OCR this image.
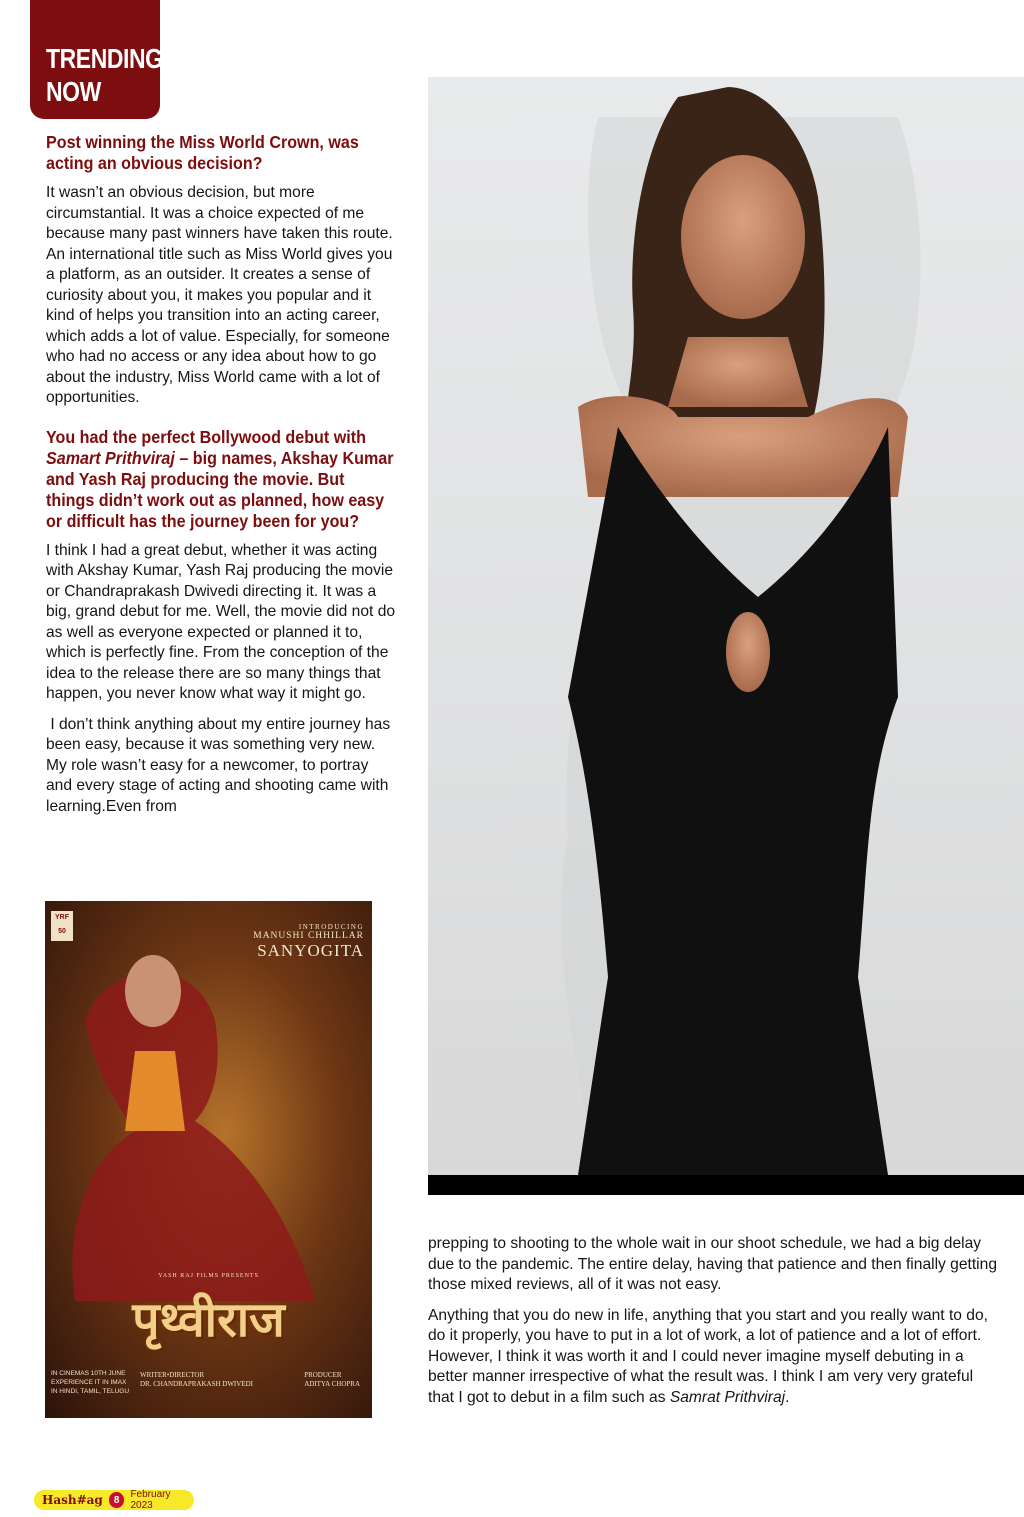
TRENDING
NOW
Post winning the Miss World Crown, was acting an obvious decision?
It wasn’t an obvious decision, but more circumstantial. It was a choice expected of me because many past winners have taken this route. An international title such as Miss World gives you a platform, as an outsider. It creates a sense of curiosity about you, it makes you popular and it kind of helps you transition into an acting career, which adds a lot of value. Especially, for someone who had no access or any idea about how to go about the industry, Miss World came with a lot of opportunities.
You had the perfect Bollywood debut with Samart Prithviraj – big names, Akshay Kumar and Yash Raj producing the movie. But things didn’t work out as planned, how easy or difficult has the journey been for you?
I think I had a great debut, whether it was acting with Akshay Kumar, Yash Raj producing the movie or Chandraprakash Dwivedi directing it. It was a big, grand debut for me. Well, the movie did not do as well as everyone expected or planned it to, which is perfectly fine. From the conception of the idea to the release there are so many things that happen, you never know what way it might go.
I don’t think anything about my entire journey has been easy, because it was something very new.  My role wasn’t easy for a newcomer, to portray and every stage of acting and shooting came with learning.Even from
YRF 50
INTRODUCING
MANUSHI CHHILLAR
SANYOGITA
YASH RAJ FILMS PRESENTS
पृथ्वीराज
IN CINEMAS 10TH JUNE
EXPERIENCE IT IN IMAX
IN HINDI, TAMIL, TELUGU
WRITER•DIRECTOR
DR. CHANDRAPRAKASH DWIVEDI
PRODUCER
ADITYA CHOPRA
prepping to shooting to the whole wait in our shoot schedule, we had a big delay due to the pandemic. The entire delay, having that patience and then finally getting those mixed reviews, all of it was not easy.
Anything that you do new in life, anything that you start and you really want to do, do it properly, you have to put in a lot of work, a lot of patience and a lot of effort. However, I think it was worth it and I could never imagine myself debuting in a better manner irrespective of what the result was. I think I am very very grateful that I got to debut in a film such as Samrat Prithviraj.
Hash#ag	8	February 2023
